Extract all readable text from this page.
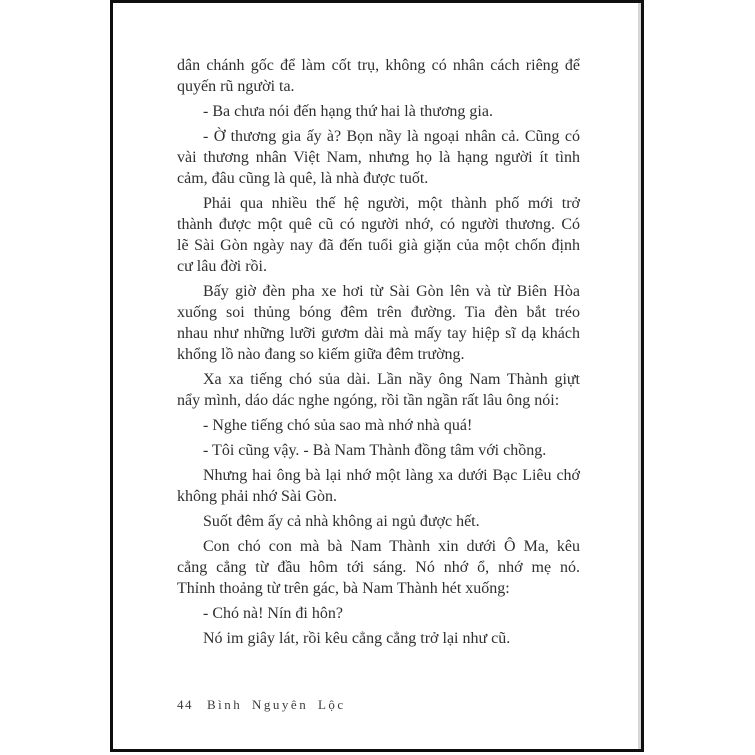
dân chánh gốc để làm cốt trụ, không có nhân cách riêng để
quyến rũ người ta.
- Ba chưa nói đến hạng thứ hai là thương gia.
- Ờ thương gia ấy à? Bọn nầy là ngoại nhân cả. Cũng có
vài thương nhân Việt Nam, nhưng họ là hạng người ít tình
cảm, đâu cũng là quê, là nhà được tuốt.
Phải qua nhiều thế hệ người, một thành phố mới trở
thành được một quê cũ có người nhớ, có người thương. Có
lẽ Sài Gòn ngày nay đã đến tuổi già giặn của một chốn định
cư lâu đời rồi.
Bấy giờ đèn pha xe hơi từ Sài Gòn lên và từ Biên Hòa
xuống soi thủng bóng đêm trên đường. Tia đèn bắt tréo
nhau như những lưỡi gươm dài mà mấy tay hiệp sĩ dạ khách
khổng lồ nào đang so kiếm giữa đêm trường.
Xa xa tiếng chó sủa dài. Lần nầy ông Nam Thành giựt
nẩy mình, dáo dác nghe ngóng, rồi tần ngần rất lâu ông nói:
- Nghe tiếng chó sủa sao mà nhớ nhà quá!
- Tôi cũng vậy. - Bà Nam Thành đồng tâm với chồng.
Nhưng hai ông bà lại nhớ một làng xa dưới Bạc Liêu chớ
không phải nhớ Sài Gòn.
Suốt đêm ấy cả nhà không ai ngủ được hết.
Con chó con mà bà Nam Thành xin dưới Ô Ma, kêu
cẳng cẳng từ đầu hôm tới sáng. Nó nhớ ổ, nhớ mẹ nó.
Thỉnh thoảng từ trên gác, bà Nam Thành hét xuống:
- Chó nà! Nín đi hôn?
Nó im giây lát, rồi kêu cẳng cẳng trở lại như cũ.
44 Bình Nguyên Lộc
